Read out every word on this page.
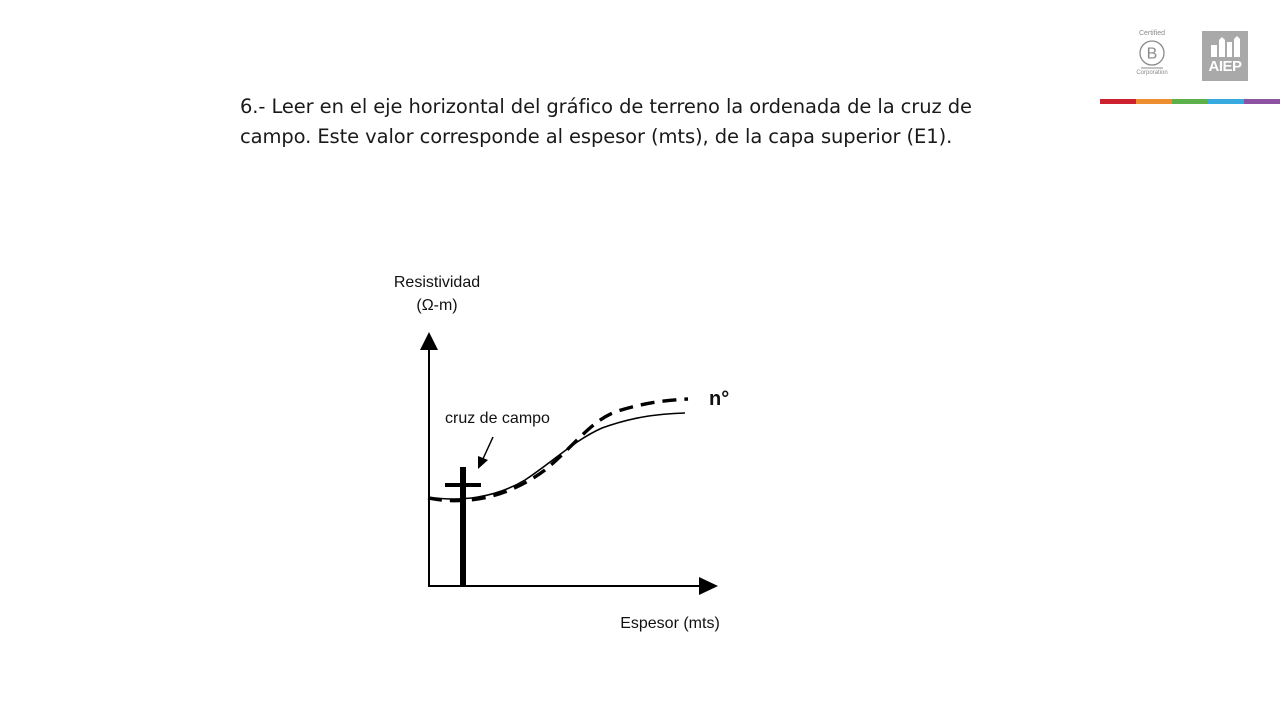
Certified
B
Corporation	AIEP

6.- Leer en el eje horizontal del gráfico de terreno la ordenada de la cruz de campo. Este valor corresponde al espesor (mts), de la capa superior (E1).

Resistividad
(Ω-m)
cruz de campo
n°
Espesor (mts)
